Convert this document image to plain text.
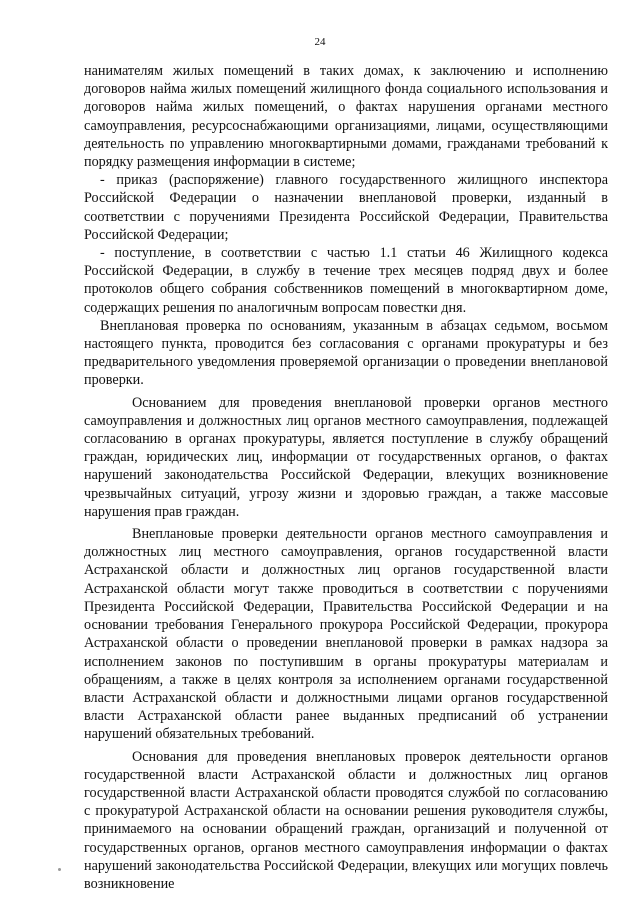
24

нанимателям жилых помещений в таких домах, к заключению и исполнению договоров найма жилых помещений жилищного фонда социального использования и договоров найма жилых помещений, о фактах нарушения органами местного самоуправления, ресурсоснабжающими организациями, лицами, осуществляющими деятельность по управлению многоквартирными домами, гражданами требований к порядку размещения информации в системе;

- приказ (распоряжение) главного государственного жилищного инспектора Российской Федерации о назначении внеплановой проверки, изданный в соответствии с поручениями Президента Российской Федерации, Правительства Российской Федерации;

- поступление, в соответствии с частью 1.1 статьи 46 Жилищного кодекса Российской Федерации, в службу в течение трех месяцев подряд двух и более протоколов общего собрания собственников помещений в многоквартирном доме, содержащих решения по аналогичным вопросам повестки дня.

Внеплановая проверка по основаниям, указанным в абзацах седьмом, восьмом настоящего пункта, проводится без согласования с органами прокуратуры и без предварительного уведомления проверяемой организации о проведении внеплановой проверки.

Основанием для проведения внеплановой проверки органов местного самоуправления и должностных лиц органов местного самоуправления, подлежащей согласованию в органах прокуратуры, является поступление в службу обращений граждан, юридических лиц, информации от государственных органов, о фактах нарушений законодательства Российской Федерации, влекущих возникновение чрезвычайных ситуаций, угрозу жизни и здоровью граждан, а также массовые нарушения прав граждан.

Внеплановые проверки деятельности органов местного самоуправления и должностных лиц местного самоуправления, органов государственной власти Астраханской области и должностных лиц органов государственной власти Астраханской области могут также проводиться в соответствии с поручениями Президента Российской Федерации, Правительства Российской Федерации и на основании требования Генерального прокурора Российской Федерации, прокурора Астраханской области о проведении внеплановой проверки в рамках надзора за исполнением законов по поступившим в органы прокуратуры материалам и обращениям, а также в целях контроля за исполнением органами государственной власти Астраханской области и должностными лицами органов государственной власти Астраханской области ранее выданных предписаний об устранении нарушений обязательных требований.

Основания для проведения внеплановых проверок деятельности органов государственной власти Астраханской области и должностных лиц органов государственной власти Астраханской области проводятся службой по согласованию с прокуратурой Астраханской области на основании решения руководителя службы, принимаемого на основании обращений граждан, организаций и полученной от государственных органов, органов местного самоуправления информации о фактах нарушений законодательства Российской Федерации, влекущих или могущих повлечь возникновение
